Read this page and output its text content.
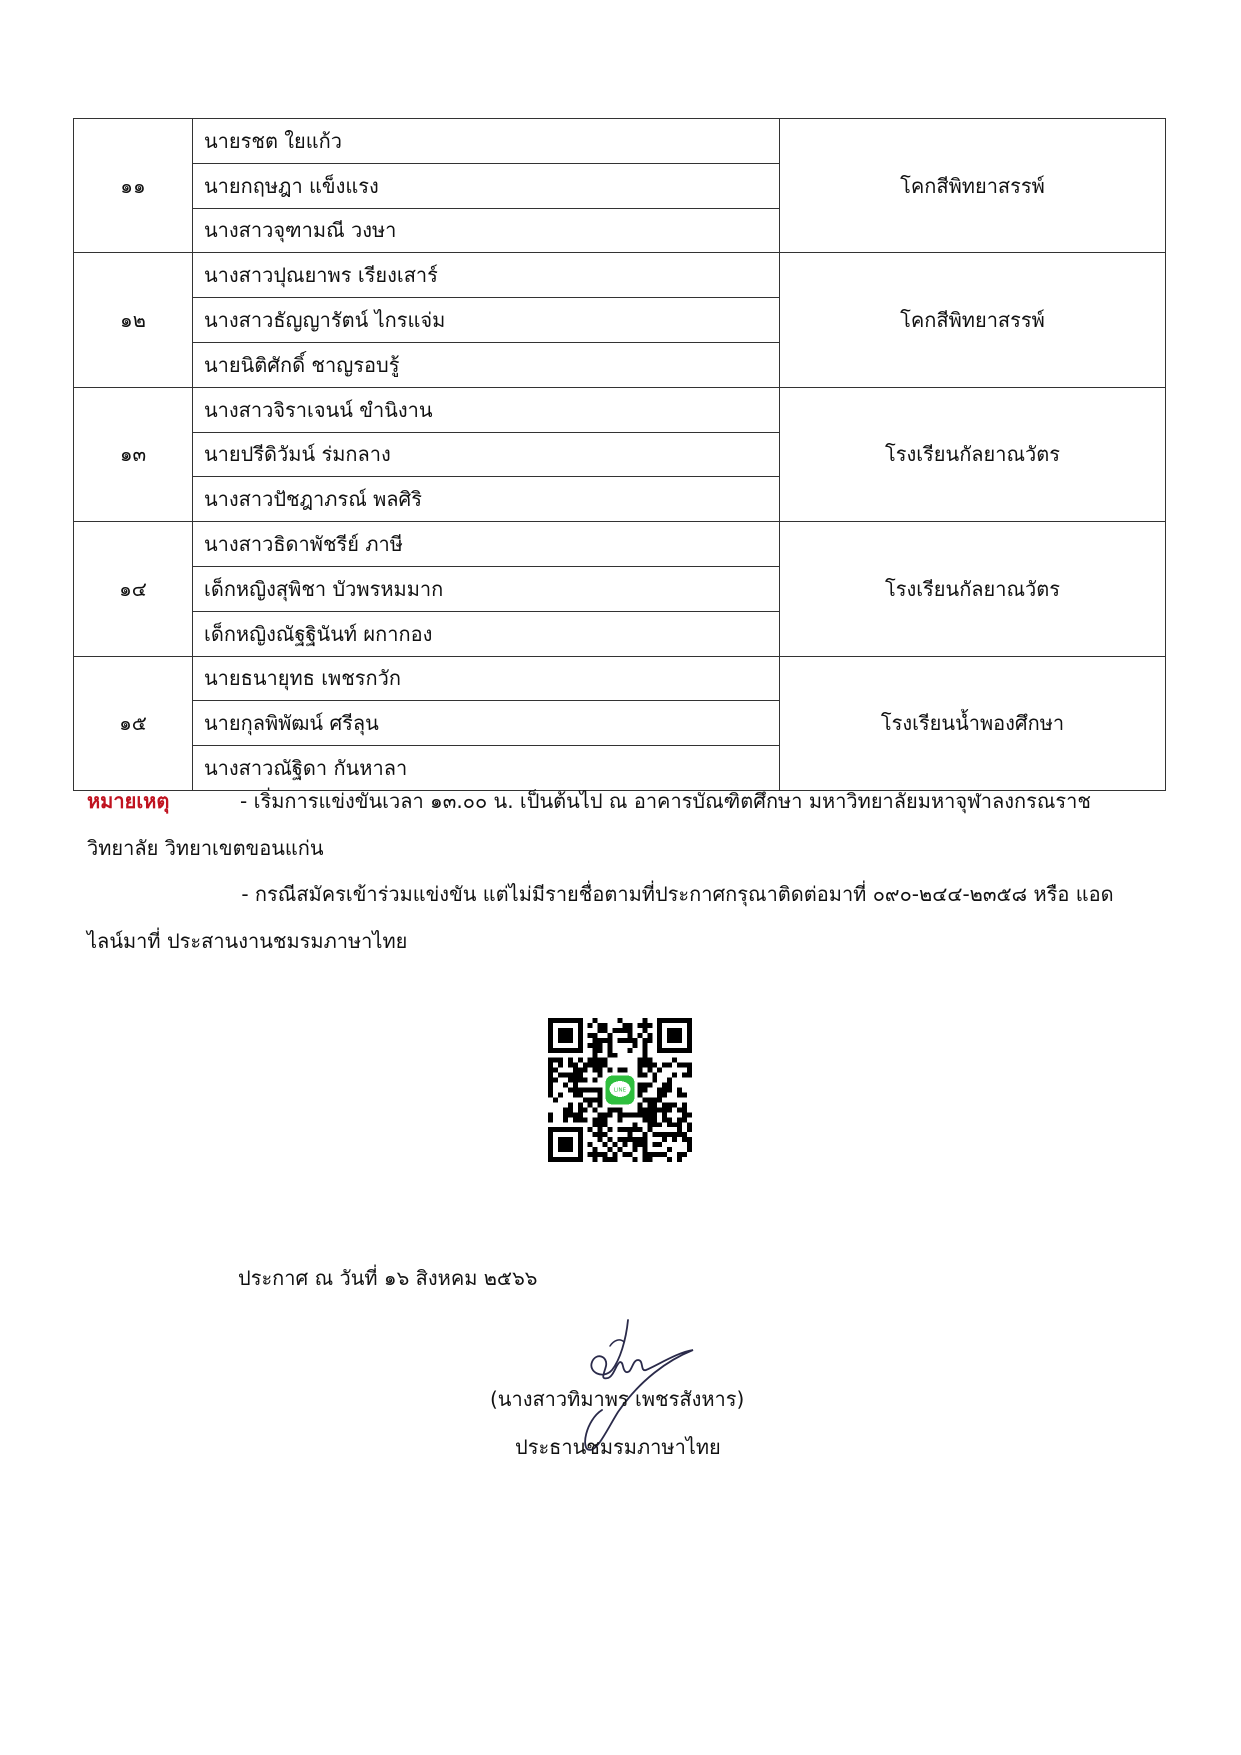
๑๑	นายรชต ใยแก้ว	โคกสีพิทยาสรรพ์
	นายกฤษฎา แข็งแรง	
	นางสาวจุฑามณี วงษา	
๑๒	นางสาวปุณยาพร เรียงเสาร์	โคกสีพิทยาสรรพ์
	นางสาวธัญญารัตน์ ไกรแจ่ม	
	นายนิติศักดิ์ ชาญรอบรู้	
๑๓	นางสาวจิราเจนน์ ขำนิงาน	โรงเรียนกัลยาณวัตร
	นายปรีดิวัมน์ ร่มกลาง	
	นางสาวปัชฎาภรณ์ พลศิริ	
๑๔	นางสาวธิดาพัชรีย์ ภาษี	โรงเรียนกัลยาณวัตร
	เด็กหญิงสุพิชา บัวพรหมมาก	
	เด็กหญิงณัฐฐินันท์ ผกากอง	
๑๕	นายธนายุทธ เพชรกวัก	โรงเรียนน้ำพองศึกษา
	นายกุลพิพัฒน์ ศรีลุน	
	นางสาวณัฐิดา กันหาลา	
หมายเหตุ	- เริ่มการแข่งขันเวลา ๑๓.๐๐ น. เป็นต้นไป ณ อาคารบัณฑิตศึกษา มหาวิทยาลัยมหาจุฬาลงกรณราช
วิทยาลัย วิทยาเขตขอนแก่น
- กรณีสมัครเข้าร่วมแข่งขัน แต่ไม่มีรายชื่อตามที่ประกาศกรุณาติดต่อมาที่ ๐๙๐-๒๔๔-๒๓๕๘ หรือ แอด
ไลน์มาที่ ประสานงานชมรมภาษาไทย
LINE
ประกาศ ณ วันที่ ๑๖ สิงหคม ๒๕๖๖
(นางสาวทิมาพร เพชรสังหาร)
ประธานชมรมภาษาไทย
